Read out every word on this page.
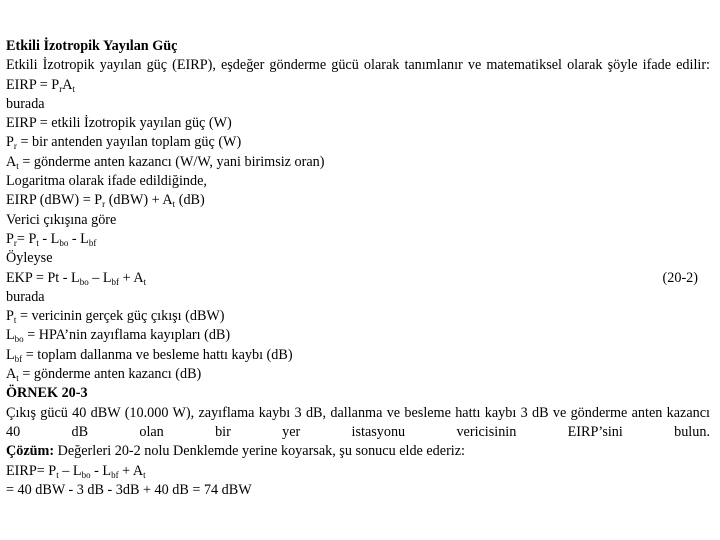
Etkili İzotropik Yayılan Güç
Etkili İzotropik yayılan güç (EIRP), eşdeğer gönderme gücü olarak tanımlanır ve matematiksel olarak şöyle ifade edilir:
EIRP = $P_rA_t$
burada
EIRP = etkili İzotropik yayılan güç (W)
$P_r$ = bir antenden yayılan toplam güç (W)
$A_t$ = gönderme anten kazancı (W/W, yani birimsiz oran)
Logaritma olarak ifade edildiğinde,
EIRP $(dBW) = P_r$ $(dBW) + A_t$ (dB)
Verici çıkışına göre
$P_r= P_t - L_{bo} - L_{bf}$
Öyleyse
EKP = $Pt - L_{bo} - L_{bf} + A_t$	(20-2)
burada
$P_t$ = vericinin gerçek güç çıkışı (dBW)
$L_{bo}$ = HPA’nin zayıflama kayıpları (dB)
$L_{bf}$ = toplam dallanma ve besleme hattı kaybı (dB)
$A_t$ = gönderme anten kazancı (dB)
ÖRNEK 20-3
Çıkış gücü 40 dBW (10.000 W), zayıflama kaybı 3 dB, dallanma ve besleme hattı kaybı 3 dB ve gönderme anten kazancı 40 dB olan bir yer istasyonu vericisinin EIRP’sini bulun.
Çözüm: Değerleri 20-2 nolu Denklemde yerine koyarsak, şu sonucu elde ederiz:
EIRP= $P_t - L_{bo} - L_{bf} + A_t$
= 40 dBW - 3 dB - 3dB + 40 dB = 74 dBW
